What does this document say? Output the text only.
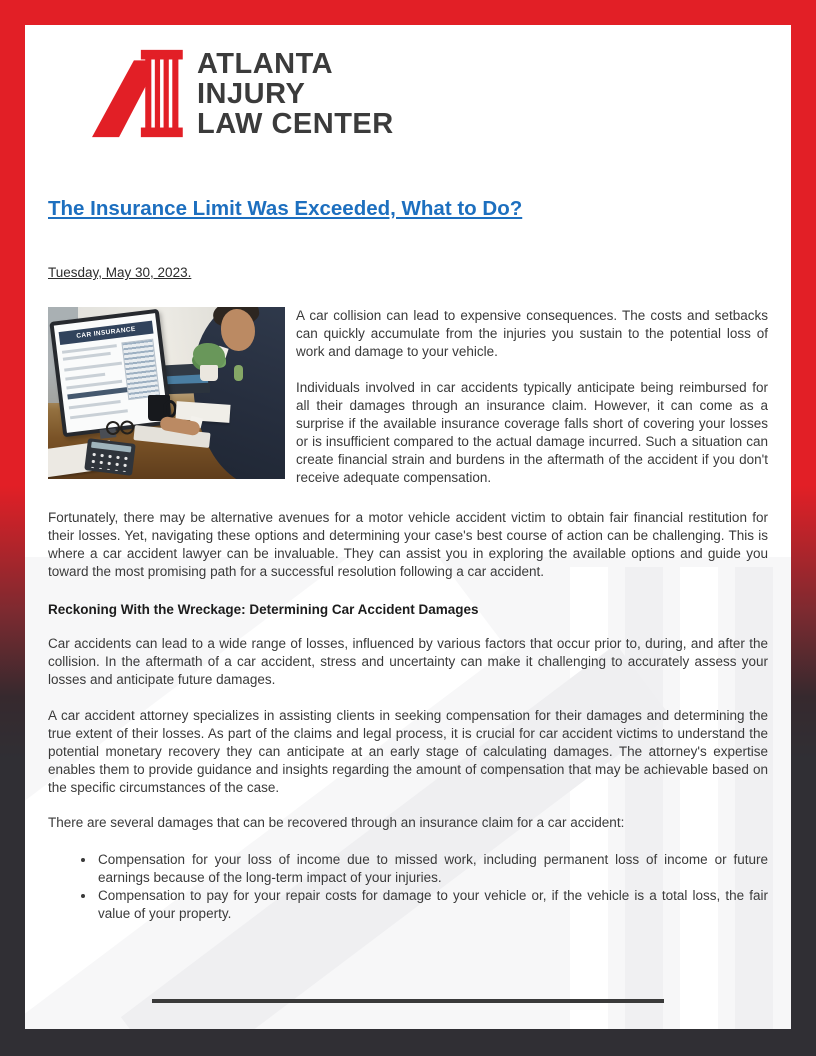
ATLANTA
INJURY
LAW CENTER
The Insurance Limit Was Exceeded, What to Do?
Tuesday, May 30, 2023.
CAR INSURANCE

A car collision can lead to expensive consequences. The costs and setbacks can quickly accumulate from the injuries you sustain to the potential loss of work and damage to your vehicle.

Individuals involved in car accidents typically anticipate being reimbursed for all their damages through an insurance claim. However, it can come as a surprise if the available insurance coverage falls short of covering your losses or is insufficient compared to the actual damage incurred. Such a situation can create financial strain and burdens in the aftermath of the accident if you don't receive adequate compensation.

Fortunately, there may be alternative avenues for a motor vehicle accident victim to obtain fair financial restitution for their losses. Yet, navigating these options and determining your case's best course of action can be challenging. This is where a car accident lawyer can be invaluable. They can assist you in exploring the available options and guide you toward the most promising path for a successful resolution following a car accident.

Reckoning With the Wreckage: Determining Car Accident Damages

Car accidents can lead to a wide range of losses, influenced by various factors that occur prior to, during, and after the collision. In the aftermath of a car accident, stress and uncertainty can make it challenging to accurately assess your losses and anticipate future damages.

A car accident attorney specializes in assisting clients in seeking compensation for their damages and determining the true extent of their losses. As part of the claims and legal process, it is crucial for car accident victims to understand the potential monetary recovery they can anticipate at an early stage of calculating damages. The attorney's expertise enables them to provide guidance and insights regarding the amount of compensation that may be achievable based on the specific circumstances of the case.

There are several damages that can be recovered through an insurance claim for a car accident:

• Compensation for your loss of income due to missed work, including permanent loss of income or future earnings because of the long-term impact of your injuries.
• Compensation to pay for your repair costs for damage to your vehicle or, if the vehicle is a total loss, the fair value of your property.
